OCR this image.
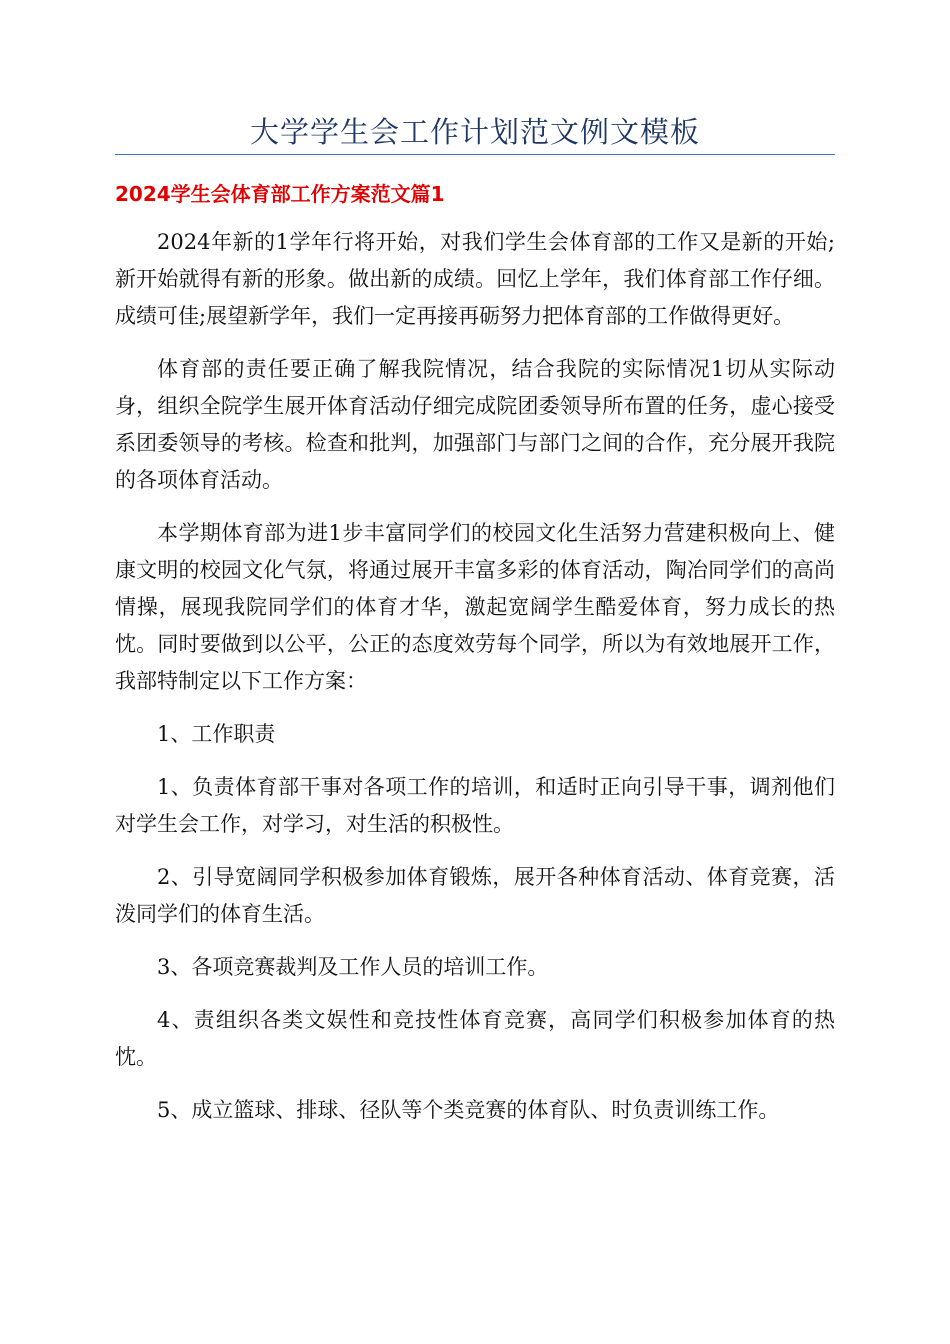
大学学生会工作计划范文例文模板
2024学生会体育部工作方案范文篇1

2024年新的1学年行将开始，对我们学生会体育部的工作又是新的开始;新开始就得有新的形象。做出新的成绩。回忆上学年，我们体育部工作仔细。成绩可佳;展望新学年，我们一定再接再砺努力把体育部的工作做得更好。

体育部的责任要正确了解我院情况，结合我院的实际情况1切从实际动身，组织全院学生展开体育活动仔细完成院团委领导所布置的任务，虚心接受系团委领导的考核。检查和批判，加强部门与部门之间的合作，充分展开我院的各项体育活动。

本学期体育部为进1步丰富同学们的校园文化生活努力营建积极向上、健康文明的校园文化气氛，将通过展开丰富多彩的体育活动，陶冶同学们的高尚情操，展现我院同学们的体育才华，激起宽阔学生酷爱体育，努力成长的热忱。同时要做到以公平，公正的态度效劳每个同学，所以为有效地展开工作，我部特制定以下工作方案：

1、工作职责

1、负责体育部干事对各项工作的培训，和适时正向引导干事，调剂他们对学生会工作，对学习，对生活的积极性。

2、引导宽阔同学积极参加体育锻炼，展开各种体育活动、体育竞赛，活泼同学们的体育生活。

3、各项竞赛裁判及工作人员的培训工作。

4、责组织各类文娱性和竞技性体育竞赛，高同学们积极参加体育的热忱。

5、成立篮球、排球、径队等个类竞赛的体育队、时负责训练工作。
